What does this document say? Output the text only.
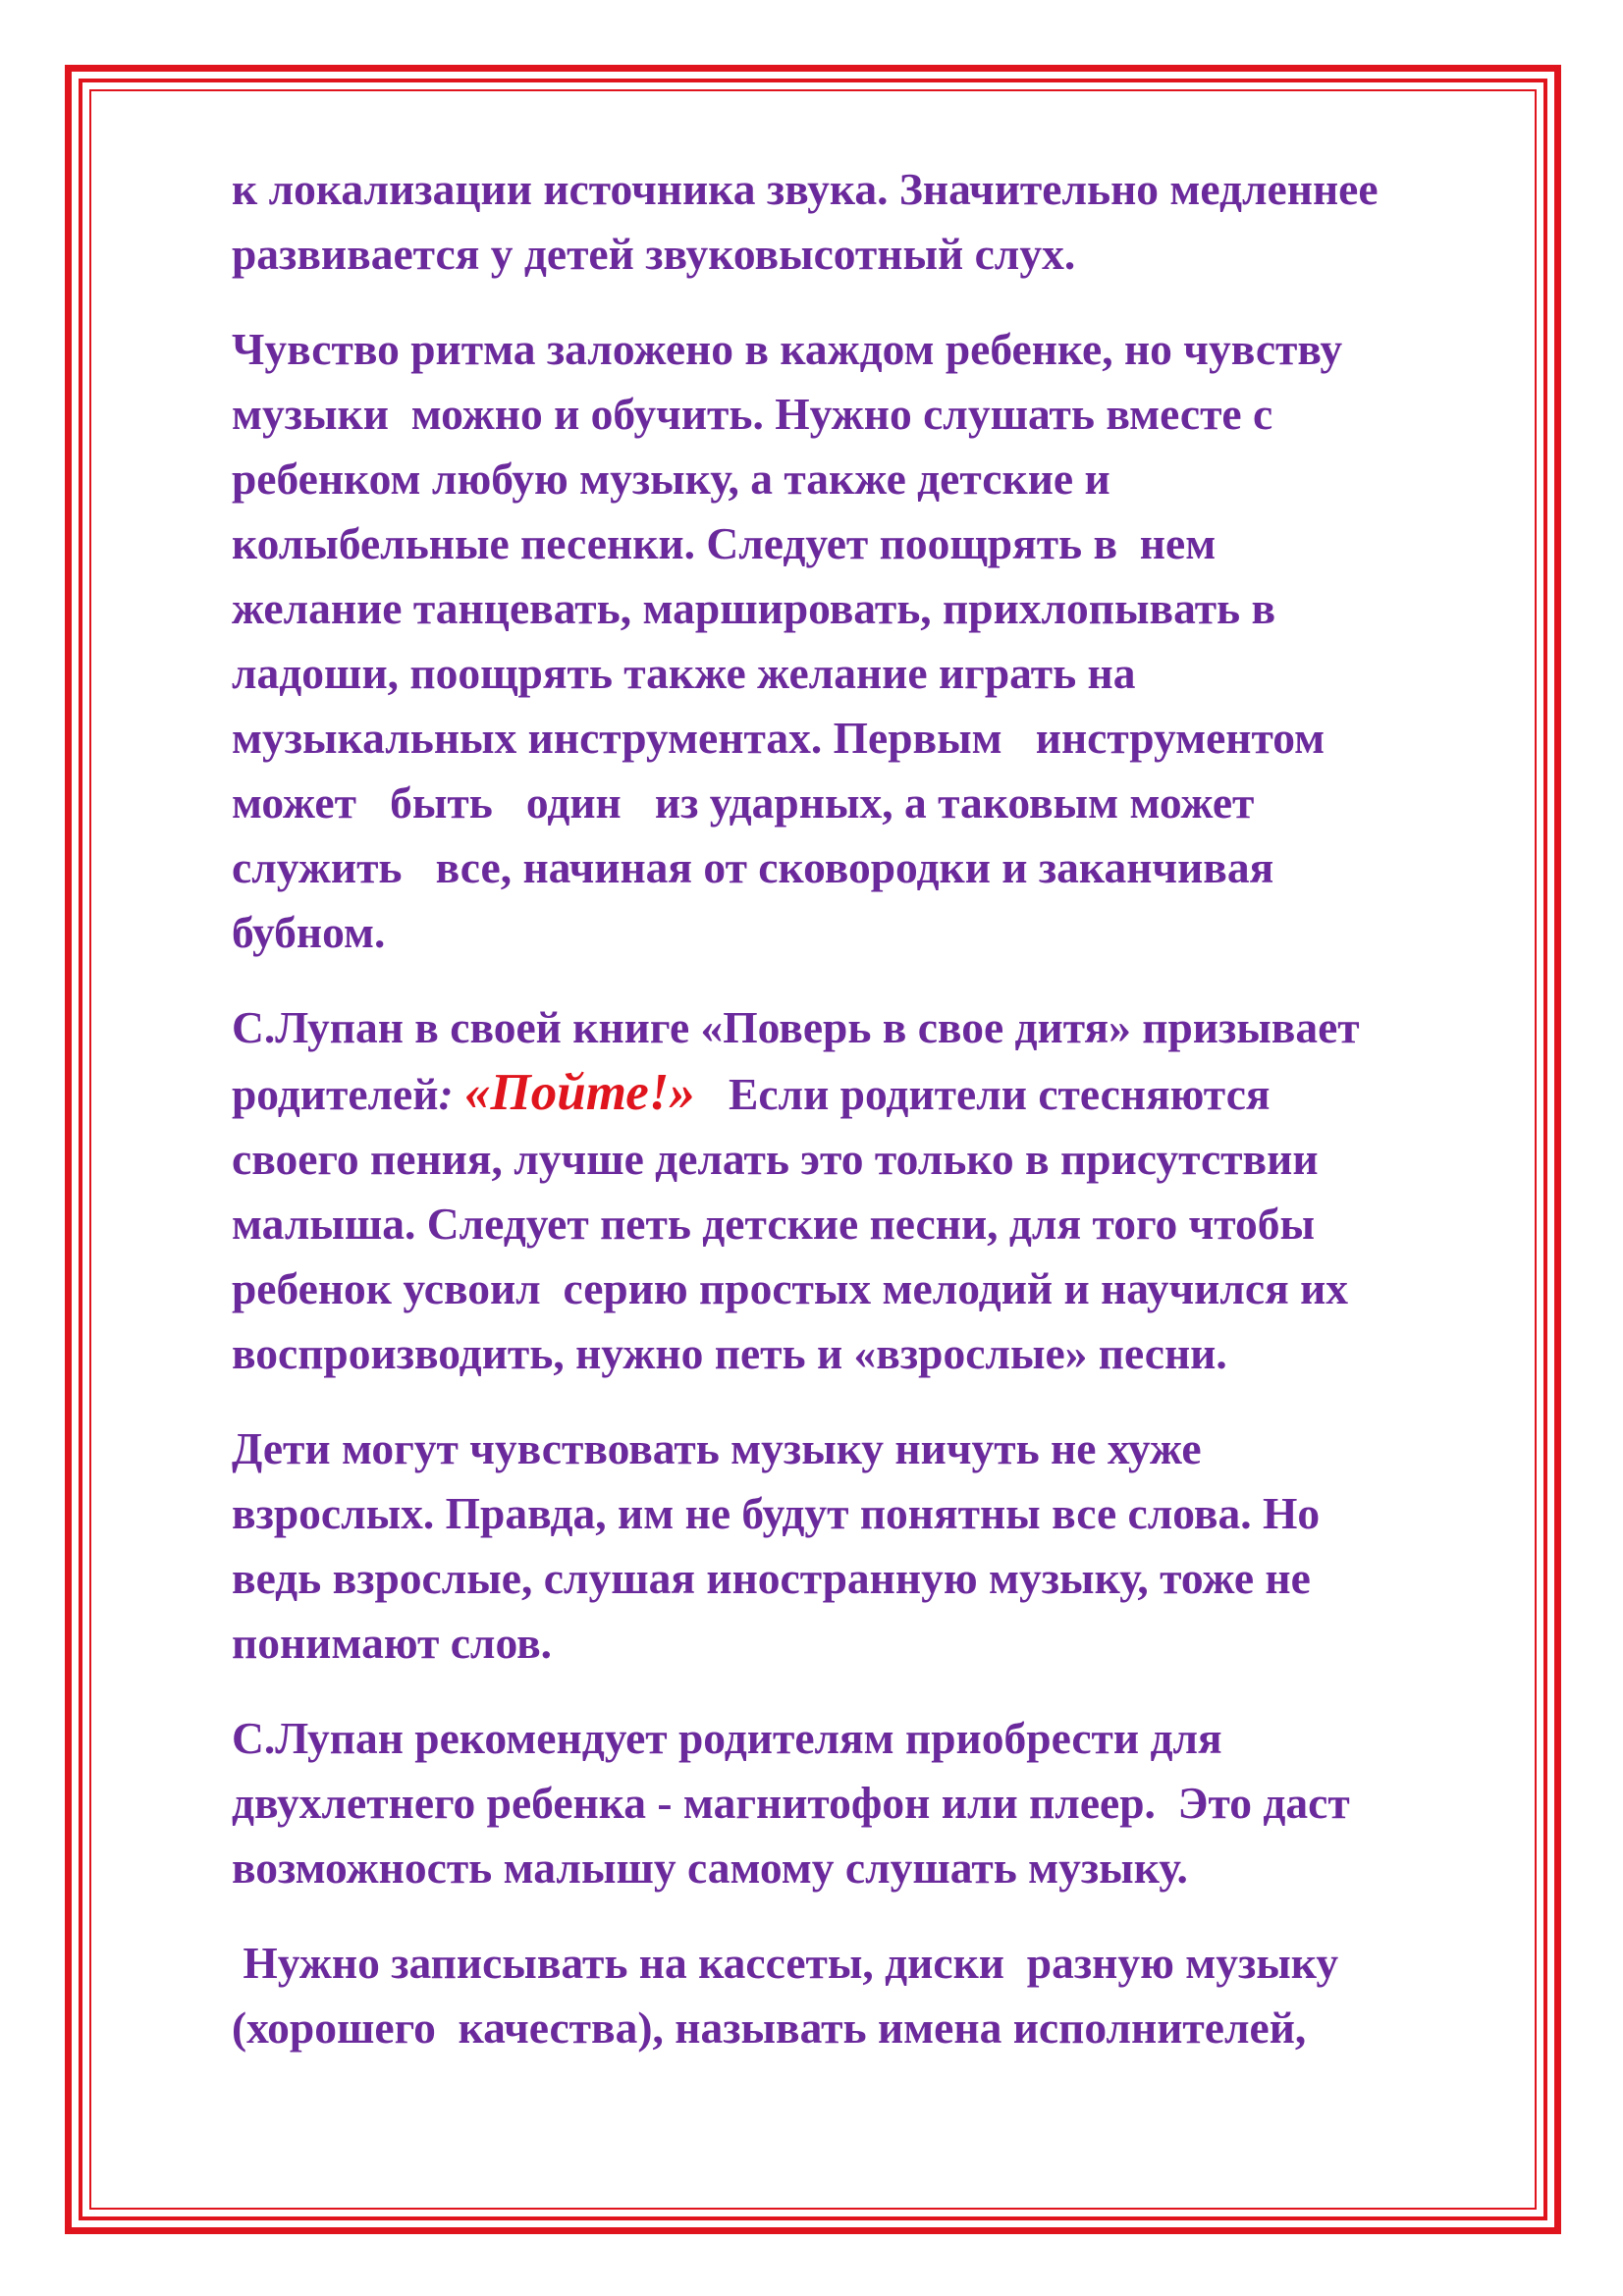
к локализации источника звука. Значительно медленнее
развивается у детей звуковысотный слух.

Чувство ритма заложено в каждом ребенке, но чувству
музыки  можно и обучить. Нужно слушать вместе с
ребенком любую музыку, а также детские и
колыбельные песенки. Следует поощрять в  нем
желание танцевать, маршировать, прихлопывать в
ладоши, поощрять также желание играть на
музыкальных инструментах. Первым   инструментом
может   быть   один   из ударных, а таковым может
служить   все, начиная от сковородки и заканчивая
бубном.

С.Лупан в своей книге «Поверь в свое дитя» призывает
родителей: «Пойте!»   Если родители стесняются
своего пения, лучше делать это только в присутствии
малыша. Следует петь детские песни, для того чтобы
ребенок усвоил  серию простых мелодий и научился их
воспроизводить, нужно петь и «взрослые» песни.

Дети могут чувствовать музыку ничуть не хуже
взрослых. Правда, им не будут понятны все слова. Но
ведь взрослые, слушая иностранную музыку, тоже не
понимают слов.

С.Лупан рекомендует родителям приобрести для
двухлетнего ребенка - магнитофон или плеер.  Это даст
возможность малышу самому слушать музыку.

Нужно записывать на кассеты, диски  разную музыку
(хорошего  качества), называть имена исполнителей,
